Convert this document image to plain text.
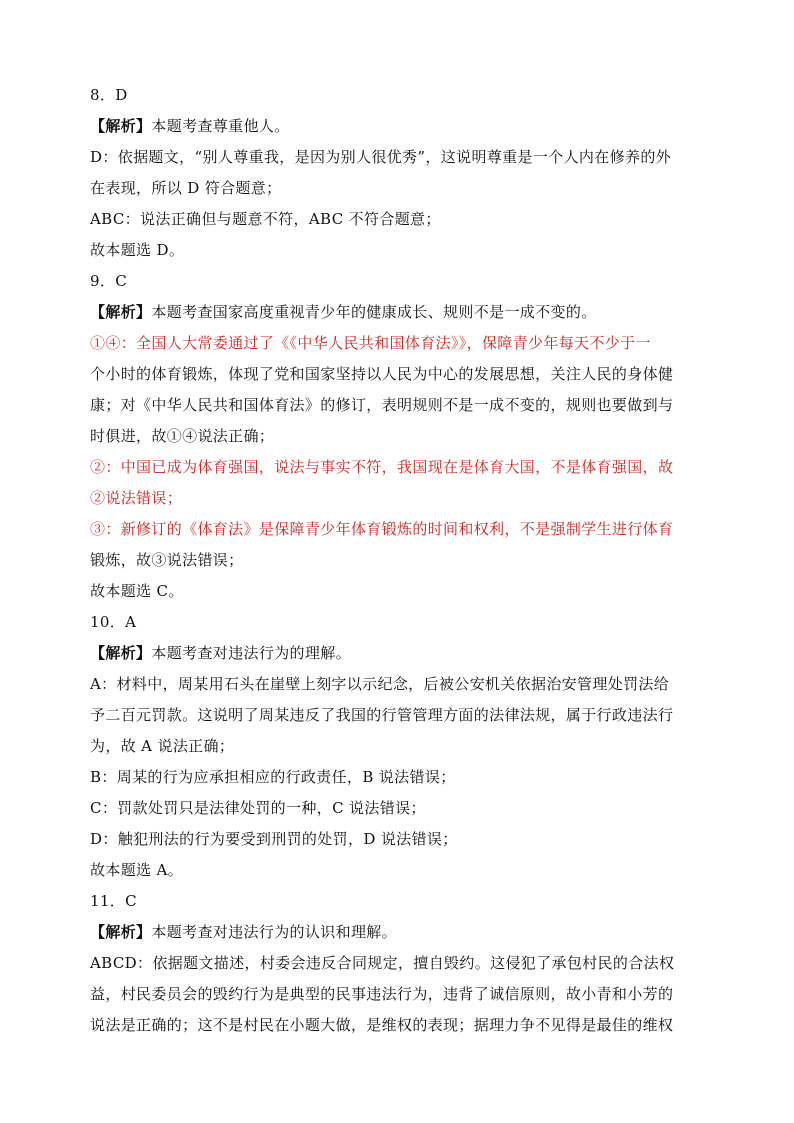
8．D
【解析】本题考查尊重他人。
D：依据题文，“别人尊重我，是因为别人很优秀”，这说明尊重是一个人内在修养的外
在表现，所以 D 符合题意；
ABC：说法正确但与题意不符，ABC 不符合题意；
故本题选 D。
9．C
【解析】本题考查国家高度重视青少年的健康成长、规则不是一成不变的。
①④：全国人大常委通过了《《中华人民共和国体育法》》，保障青少年每天不少于一
个小时的体育锻炼，体现了党和国家坚持以人民为中心的发展思想，关注人民的身体健
康；对《中华人民共和国体育法》的修订，表明规则不是一成不变的，规则也要做到与
时俱进，故①④说法正确；
②：中国已成为体育强国，说法与事实不符，我国现在是体育大国，不是体育强国，故
②说法错误；
③：新修订的《体育法》是保障青少年体育锻炼的时间和权利，不是强制学生进行体育
锻炼，故③说法错误；
故本题选 C。
10．A
【解析】本题考查对违法行为的理解。
A：材料中，周某用石头在崖壁上刻字以示纪念，后被公安机关依据治安管理处罚法给
予二百元罚款。这说明了周某违反了我国的行管管理方面的法律法规，属于行政违法行
为，故 A 说法正确；
B：周某的行为应承担相应的行政责任，B 说法错误；
C：罚款处罚只是法律处罚的一种，C 说法错误；
D：触犯刑法的行为要受到刑罚的处罚，D 说法错误；
故本题选 A。
11．C
【解析】本题考查对违法行为的认识和理解。
ABCD：依据题文描述，村委会违反合同规定，擅自毁约。这侵犯了承包村民的合法权
益，村民委员会的毁约行为是典型的民事违法行为，违背了诚信原则，故小青和小芳的
说法是正确的；这不是村民在小题大做，是维权的表现；据理力争不见得是最佳的维权
